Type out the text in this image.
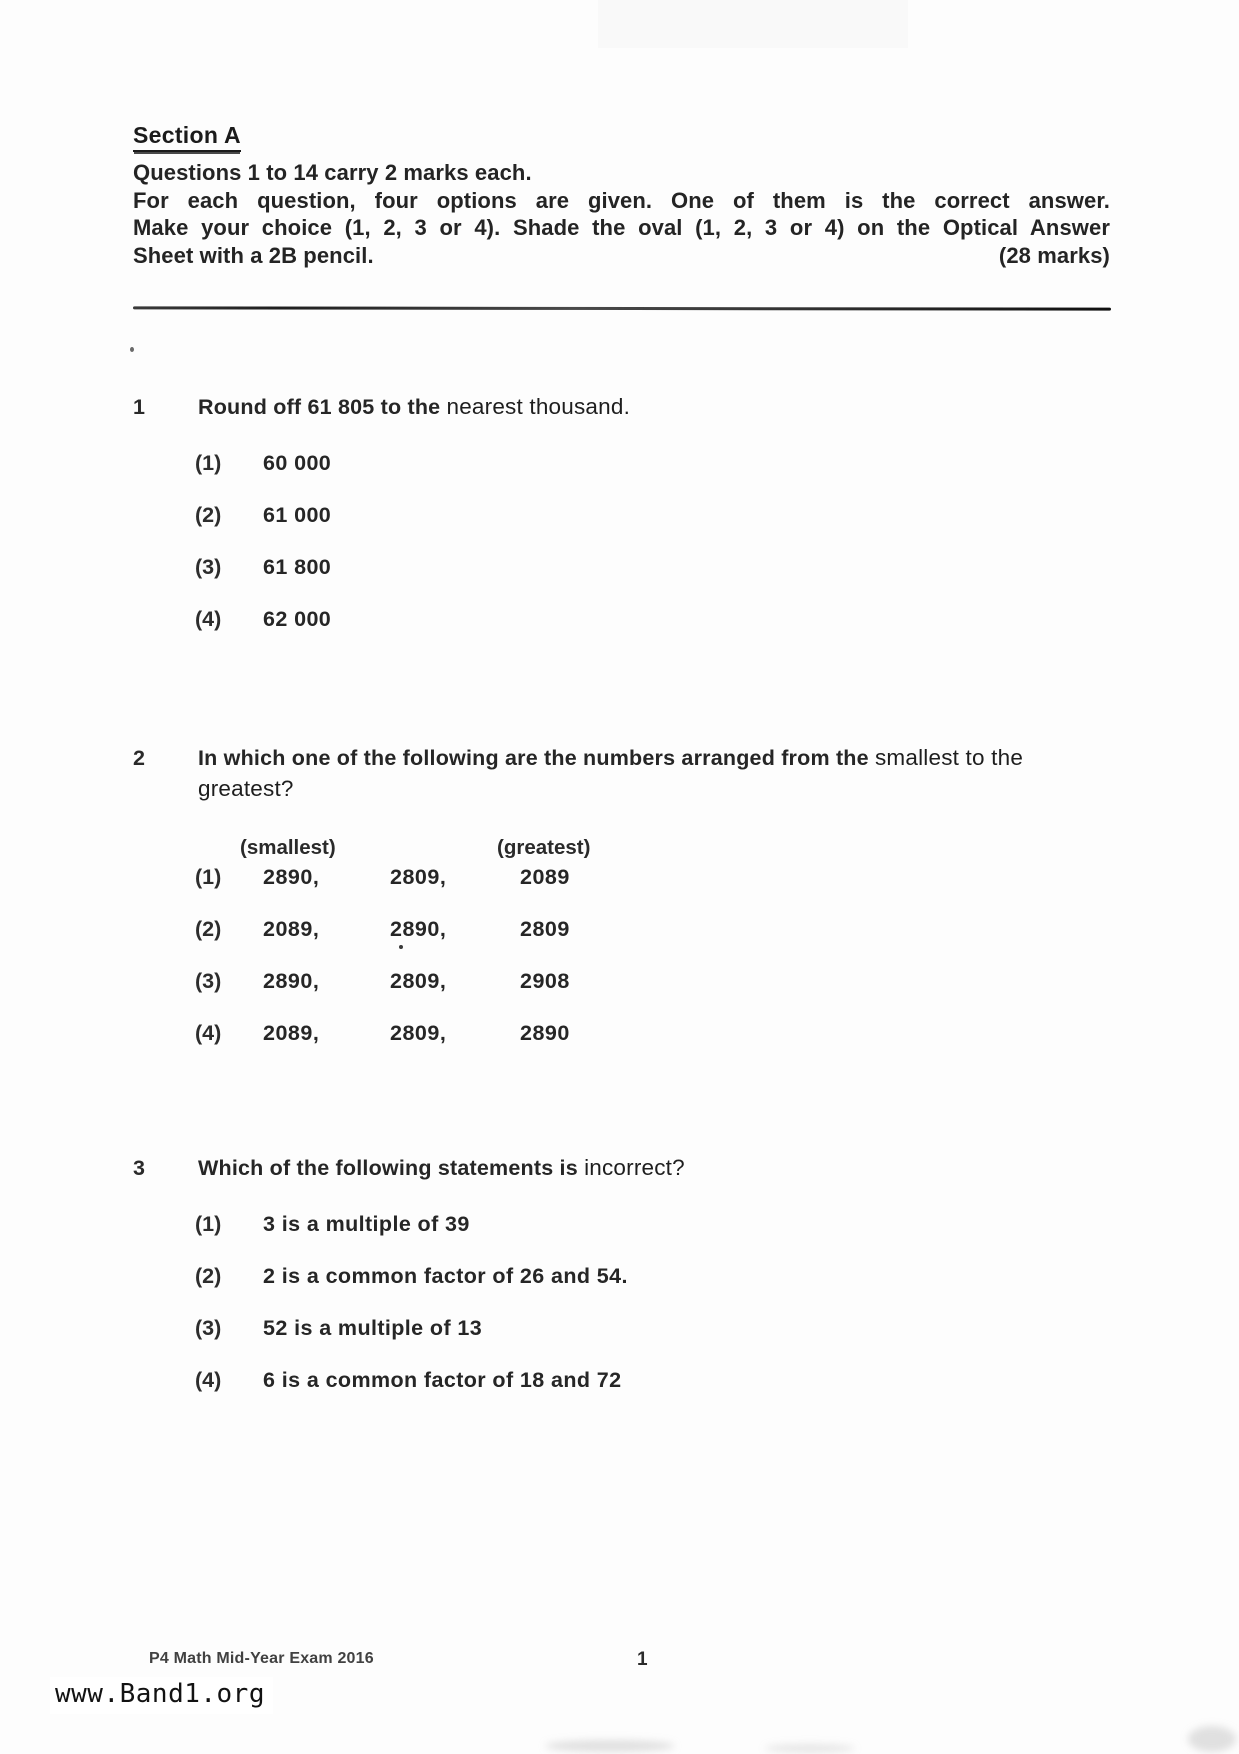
Section A
Questions 1 to 14 carry 2 marks each.
For each question, four options are given. One of them is the correct answer.
Make your choice (1, 2, 3 or 4). Shade the oval (1, 2, 3 or 4) on the Optical Answer
Sheet with a 2B pencil.	(28 marks)
1	Round off 61 805 to the nearest thousand.
(1) 60 000
(2) 61 000
(3) 61 800
(4) 62 000
2	In which one of the following are the numbers arranged from the smallest to the
greatest?
(smallest)	(greatest)
(1) 2890,	2809,	2089
(2) 2089,	2890,	2809
(3) 2890,	2809,	2908
(4) 2089,	2809,	2890
3	Which of the following statements is incorrect?
(1) 3 is a multiple of 39
(2) 2 is a common factor of 26 and 54.
(3) 52 is a multiple of 13
(4) 6 is a common factor of 18 and 72
P4 Math Mid-Year Exam 2016	1
www.Band1.org
